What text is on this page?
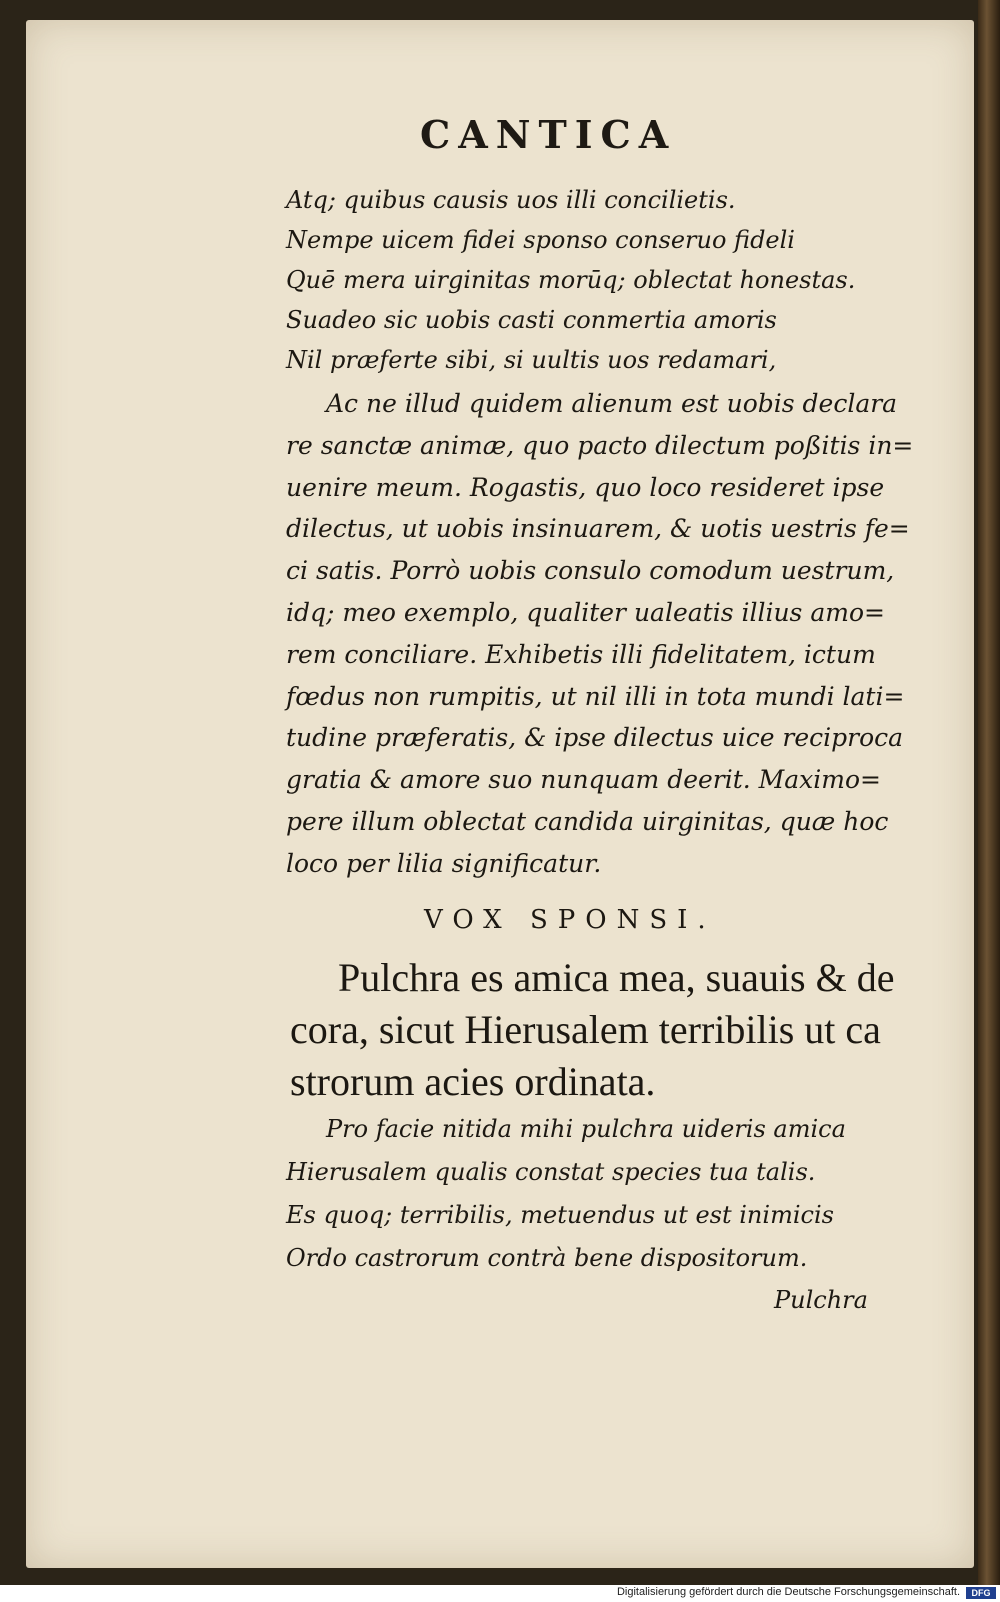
CANTICA
Atq; quibus causis uos illi concilietis.
Nempe uicem fidei sponso conseruo fideli
Quē mera uirginitas morūq; oblectat honestas.
Suadeo sic uobis casti conmertia amoris
Nil præferte sibi, si uultis uos redamari,
Ac ne illud quidem alienum est uobis declara
re sanctæ animæ, quo pacto dilectum poßitis in=
uenire meum. Rogastis, quo loco resideret ipse
dilectus, ut uobis insinuarem, & uotis uestris fe=
ci satis. Porrò uobis consulo comodum uestrum,
idq; meo exemplo, qualiter ualeatis illius amo=
rem conciliare. Exhibetis illi fidelitatem, ictum
fœdus non rumpitis, ut nil illi in tota mundi lati=
tudine præferatis, & ipse dilectus uice reciproca
gratia & amore suo nunquam deerit. Maximo=
pere illum oblectat candida uirginitas, quæ hoc
loco per lilia significatur.
VOX SPONSI.
Pulchra es amica mea, suauis & de
cora, sicut Hierusalem terribilis ut ca
strorum acies ordinata.
Pro facie nitida mihi pulchra uideris amica
Hierusalem qualis constat species tua talis.
Es quoq; terribilis, metuendus ut est inimicis
Ordo castrorum contrà bene dispositorum.
Pulchra
Digitalisierung gefördert durch die Deutsche Forschungsgemeinschaft.	DFG
